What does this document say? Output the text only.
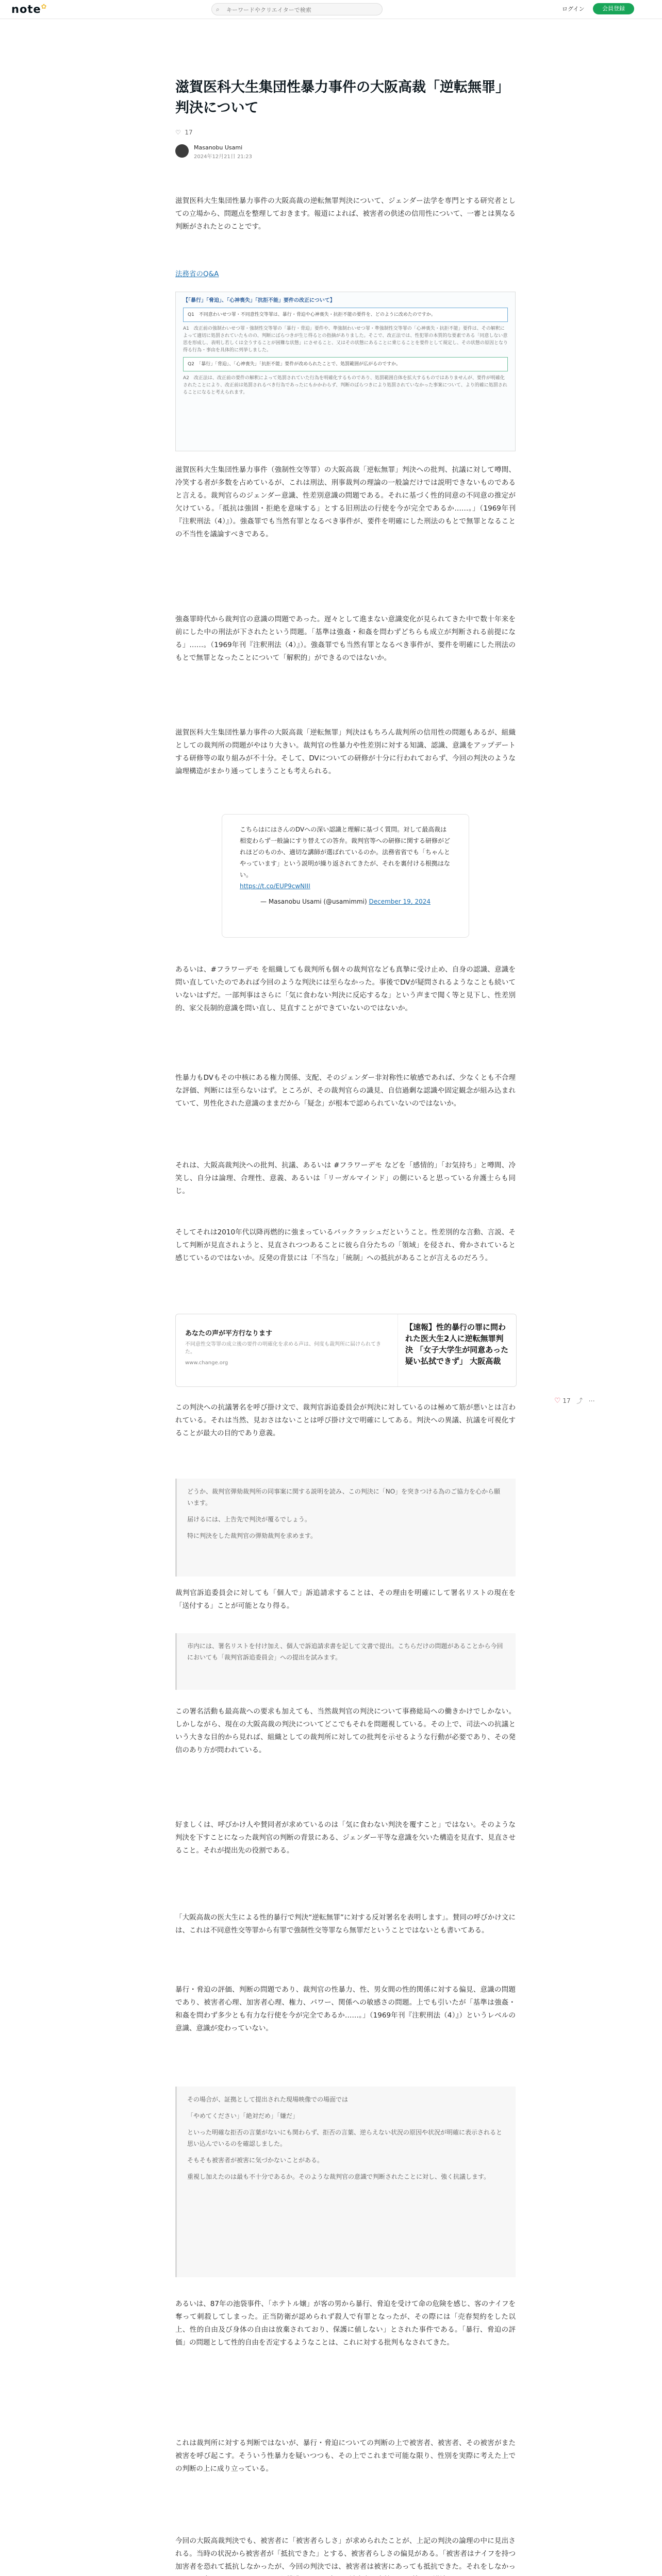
note✿	⌕
キーワードやクリエイターで検索	ログイン	会員登録
滋賀医科大生集団性暴力事件の大阪高裁「逆転無罪」判決について
♡ 17
Masanobu Usami
2024年12月21日 21:23

滋賀医科大生集団性暴力事件の大阪高裁の逆転無罪判決について、ジェンダー法学を専門とする研究者としての立場から、問題点を整理しておきます。報道によれば、被害者の供述の信用性について、一審とは異なる判断がされたとのことです。

法務省のQ&A
【「暴行」「脅迫」、「心神喪失」「抗拒不能」要件の改正について】
Q1　不同意わいせつ罪・不同意性交等罪は、暴行・脅迫や心神喪失・抗拒不能の要件を、どのように改めたのですか。
A1　改正前の強制わいせつ罪・強制性交等罪の「暴行・脅迫」要件や、準強制わいせつ罪・準強制性交等罪の「心神喪失・抗拒不能」要件は、その解釈によって適切に処罰されていたものの、判断にばらつきが生じ得るとの指摘がありました。そこで、改正法では、性犯罪の本質的な要素である「同意しない意思を形成し、表明し若しくは全うすることが困難な状態」にさせること、又はその状態にあることに乗じることを要件として規定し、その状態の原因となり得る行為・事由を具体的に列挙しました。
Q2　「暴行」「脅迫」、「心神喪失」「抗拒不能」要件が改められたことで、処罰範囲が広がるのですか。
A2　改正法は、改正前の要件の解釈によって処罰されていた行為を明確化するものであり、処罰範囲自体を拡大するものではありませんが、要件が明確化されたことにより、改正前は処罰されるべき行為であったにもかかわらず、判断のばらつきにより処罰されていなかった事案について、より的確に処罰されることになると考えられます。

滋賀医科大生集団性暴力事件（強制性交等罪）の大阪高裁「逆転無罪」判決への批判、抗議に対して噂間、冷笑する者が多数を占めているが、これは刑法、刑事裁判の理論の一般論だけでは説明できないものであると言える。裁判官らのジェンダー意識、性差別意識の問題である。それに基づく性的同意の不同意の推定が欠けている。「抵抗は強固・拒絶を意味する」とする旧刑法の行使を今が完全であるか……。」（1969年刊『注釈刑法（4）』）。強姦罪でも当然有罪となるべき事件が、要件を明確にした刑法のもとで無罪となることの不当性を議論すべきである。

強姦罪時代から裁判官の意識の問題であった。遅々として進まない意識変化が見られてきた中で数十年来を前にした中の刑法が下されたという問題。「基準は強姦・和姦を問わずどちらも成立が判断される前提になる」……。（1969年刊『注釈刑法（4）』）。強姦罪でも当然有罪となるべき事件が、要件を明確にした刑法のもとで無罪となったことについて「解釈的」ができるのではないか。

滋賀医科大生集団性暴力事件の大阪高裁「逆転無罪」判決はもちろん裁判所の信用性の問題もあるが、組織としての裁判所の問題がやはり大きい。裁判官の性暴力や性差別に対する知識、認識、意識をアップデートする研修等の取り組みが不十分。そして、DVについての研修が十分に行われておらず、今回の判決のような論理構造がまかり通ってしまうことも考えられる。

こちらはにはさんのDVへの深い認識と理解に基づく質問。対して最高裁は相変わらず一般論にすり替えての答弁。裁判官等への研修に関する研修がどれほどのものか、適切な講師が選ばれているのか。法務省省でも「ちゃんとやっています」という説明が繰り返されてきたが、それを裏付ける根拠はない。
https://t.co/EUP9cwNIII
— Masanobu Usami (@usamimmi) December 19, 2024

あるいは、#フラワーデモ を組織しても裁判所も個々の裁判官なども真摯に受け止め、自身の認識、意識を問い直していたのであれば今回のような判決には至らなかった。事後でDVが疑問されるようなことも続いていないはずだ。一部判事はさらに「気に食わない判決に反応するな」という声まで聞く等と見下し、性差別的、家父長制的意識を問い直し、見直すことができていないのではないか。

性暴力もDVもその中核にある権力関係、支配、そのジェンダー非対称性に敏感であれば、少なくとも不合理な評価、判断には至らないはず。ところが、その裁判官らの識見、自信過剰な認識や固定観念が組み込まれていて、男性化された意識のままだから「疑念」が根本で認められていないのではないか。

それは、大阪高裁判決への批判、抗議、あるいは #フラワーデモ などを「感情的」「お気持ち」と噂間、冷笑し、自分は論理、合理性、意義、あるいは「リーガルマインド」の側にいると思っている弁護士らも同じ。

そしてそれは2010年代以降再燃的に強まっているバックラッシュだということ。性差別的な言動、言説、そして判断が見直されようと、見直されつつあることに彼ら自分たちの「領域」を侵され、脅かされていると感じているのではないか。反発の背景には「不当な」「統制」への抵抗があることが言えるのだろう。

あなたの声が平方行なります
不同意性交等罪の成立後の要件の明確化を求める声は、何度も裁判所に届けられてきた。
www.change.org
【速報】性的暴行の罪に問われた医大生2人に逆転無罪判決 「女子大学生が同意あった疑い払拭できず」 大阪高裁

この判決への抗議署名を呼び掛け文で、裁判官訴追委員会が判決に対しているのは極めて筋が悪いとは言われている。それは当然、見おさはないことは呼び掛け文で明確にしてある。判決への異議、抗議を可視化することが最大の目的であり意義。

どうか、裁判官弾劾裁判所の同事案に関する説明を読み、この判決に「NO」を突きつける為のご協力を心から願います。

届けるには、上告先で判決が覆るでしょう。

特に判決をした裁判官の弾劾裁判を求めます。

裁判官訴追委員会に対しても「個人で」訴追請求することは、その理由を明確にして署名リストの現在を「送付する」ことが可能となり得る。

市内には、署名リストを付け加え、個人で訴追請求書を記して文書で提出。こちらだけの問題があることから今回においても「裁判官訴追委員会」への提出を試みます。

この署名活動も最高裁への要求も加えても、当然裁判官の判決について事務総局への働きかけでしかない。しかしながら、現在の大阪高裁の判決についてどこでもそれを問題視している。その上で、司法への抗議という大きな目的から見れば、組織としての裁判所に対しての批判を示せるような行動が必要であり、その発信のあり方が問われている。

好ましくは、呼びかけ人や賛同者が求めているのは「気に食わない判決を覆すこと」ではない。そのような判決を下すことになった裁判官の判断の背景にある、ジェンダー平等な意識を欠いた構造を見直す、見直させること。それが提出先の役割である。

「大阪高裁の医大生による性的暴行で判決“逆転無罪”に対する反対署名を表明します」。賛同の呼びかけ文には、これは不同意性交等罪から有罪で強制性交等罪なら無罪だということではないとも書いてある。

暴行・脅迫の評価、判断の問題であり、裁判官の性暴力、性、男女間の性的関係に対する偏見、意識の問題であり、被害者心理、加害者心理、権力、パワー、関係への敏感さの問題。上でも引いたが「基準は強姦・和姦を問わず多少とも有力な行使を今が完全であるか……。」（1969年刊『注釈刑法（4）』）というレベルの意識、意識が変わっていない。

その場合が、証拠として提出された現場映像での場面では

「やめてください」「絶対だめ」「嫌だ」

といった明確な拒否の言葉がないにも関わらず、拒否の言葉、逆らえない状況の原因や状況が明確に表示されると思い込んでいるのを確認しました。

そもそも被害者が被害に気づかないことがある。

重視し加えたのは最も不十分であるか。そのような裁判官の意識で判断されたことに対し、強く抗議します。

あるいは、87年の池袋事件、「ホテトル嬢」が客の男から暴行、脅迫を受けて命の危険を感じ、客のナイフを奪って刺殺してしまった。正当防衛が認められず殺人で有罪となったが、その際には「売春契約をした以上、性的自由及び身体の自由は放棄されており、保護に値しない」とされた事件である。「暴行、脅迫の評価」の問題として性的自由を否定するようなことは、これに対する批判もなされてきた。

これは裁判所に対する判断ではないが、暴行・脅迫についての判断の上で被害者、被害者、その被害がまた被害を呼び起こす。そういう性暴力を疑いつつも、その上でこれまで可能な限り、性別を実際に考えた上での判断の上に成り立っている。

今回の大阪高裁判決でも、被害者に「被害者らしさ」が求められたことが、上記の判決の論理の中に見出される。当時の状況から被害者が「抵抗できた」とする、被害者らしさの偏見がある。「被害者はナイフを持つ加害者を恐れて抵抗しなかったが、今回の判決では、被害者は被害にあっても抵抗できた。それをしなかっ

♡ 17 ⤴ ⋯
